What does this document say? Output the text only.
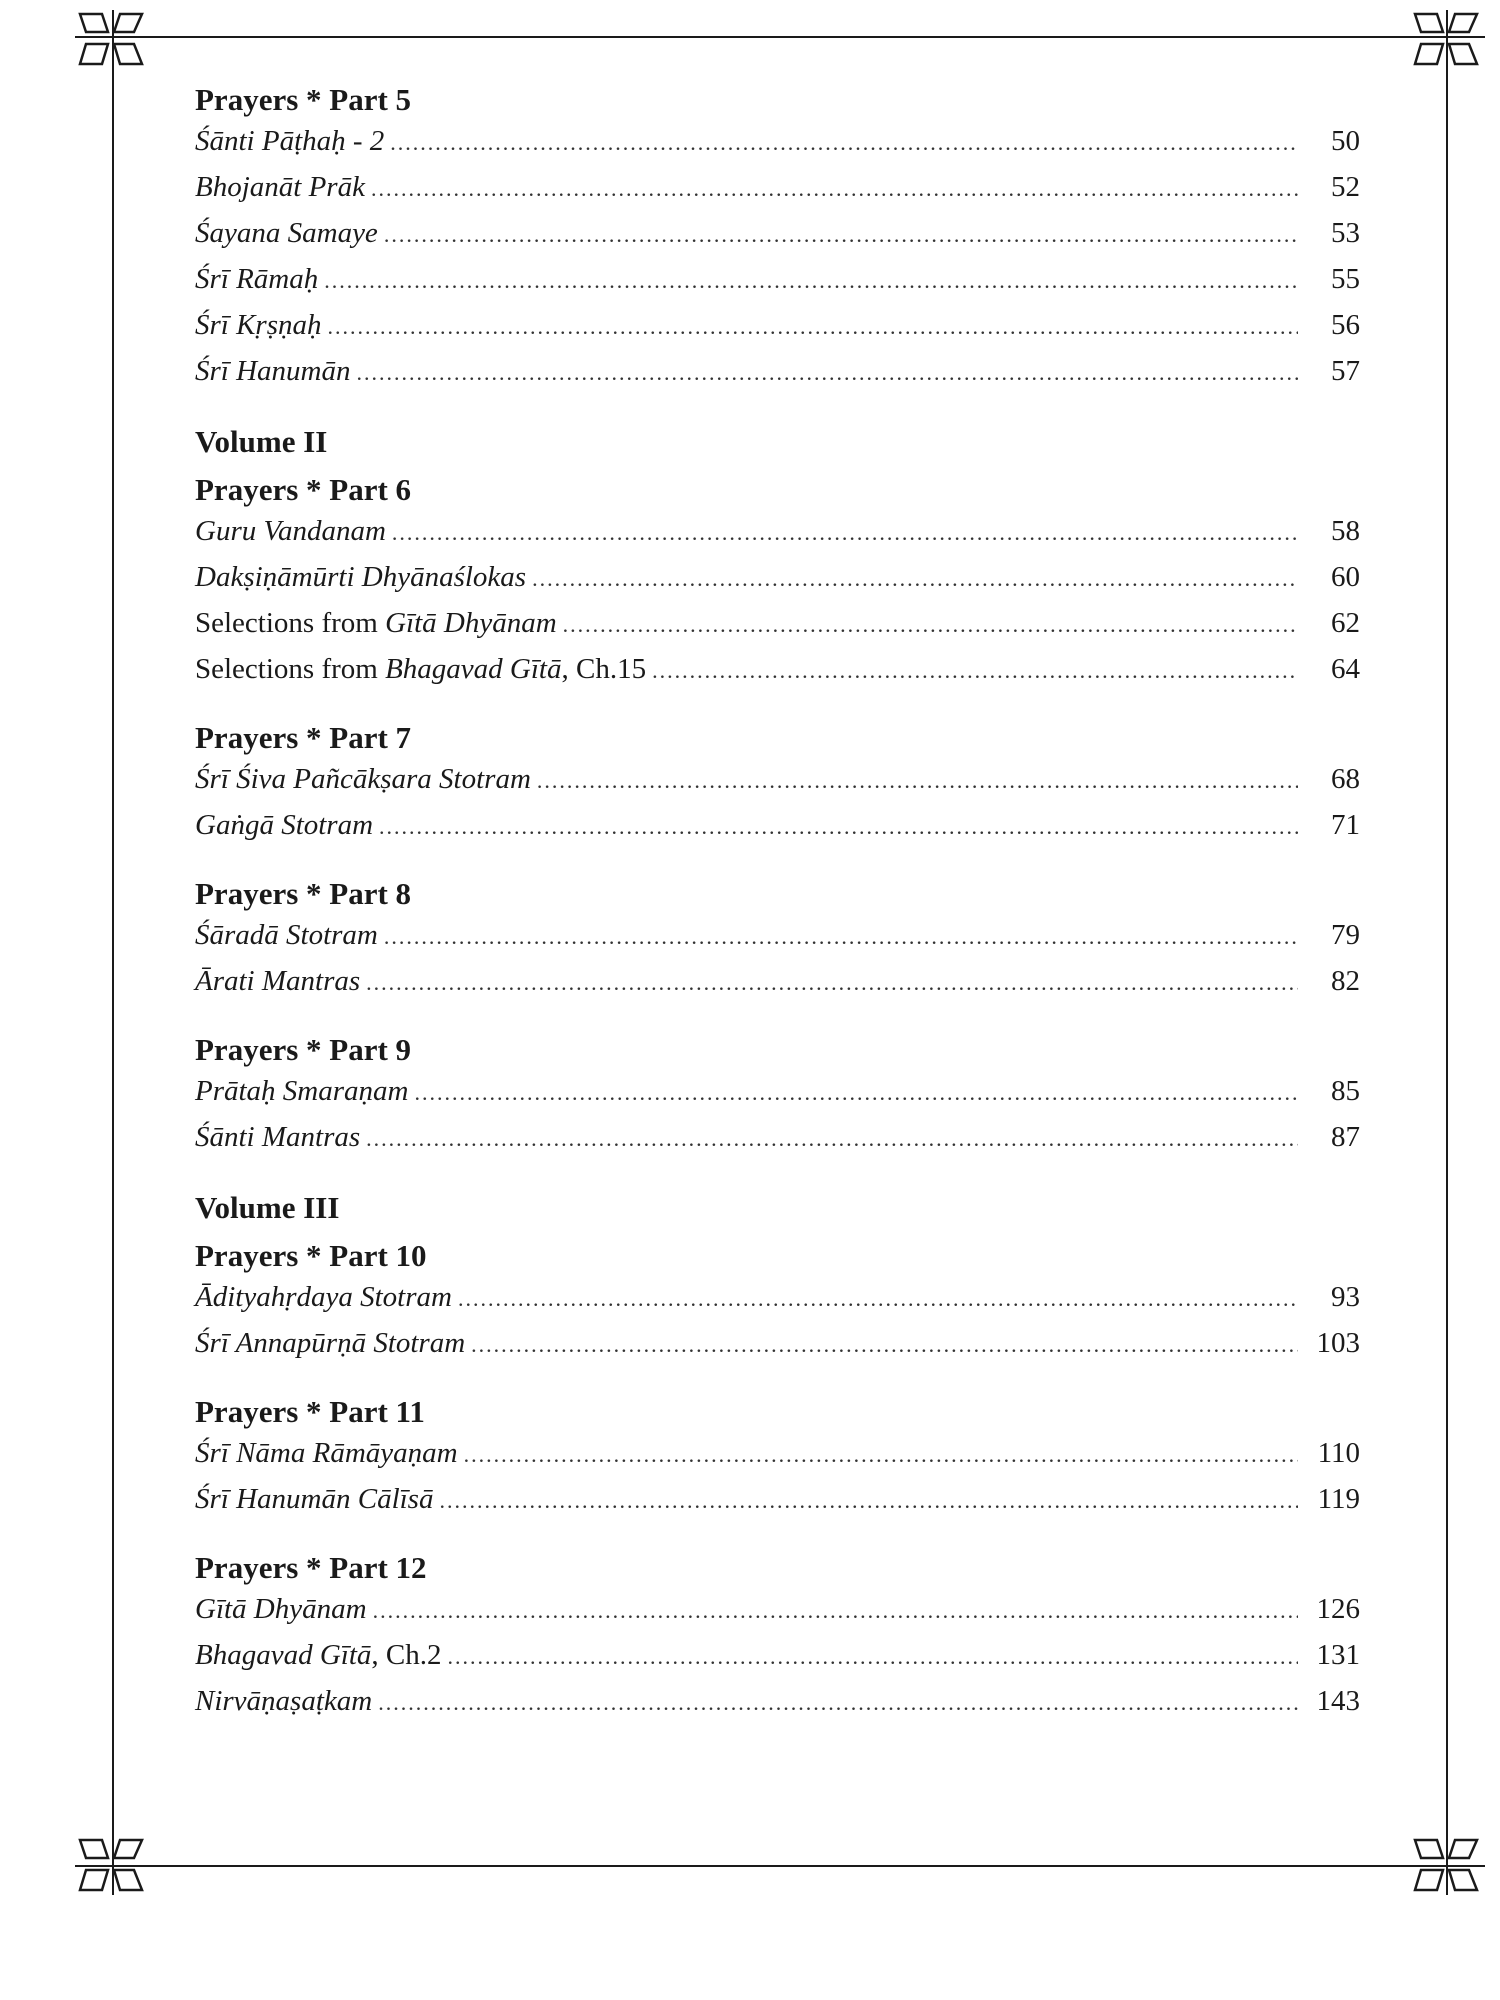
Prayers * Part 5
Śānti Pāṭhaḥ - 2 .....	50
Bhojanāt Prāk .....	52
Śayana Samaye .....	53
Śrī Rāmaḥ .....	55
Śrī Kṛṣṇaḥ .....	56
Śrī Hanumān .....	57
Volume II
Prayers * Part 6
Guru Vandanam .....	58
Dakṣiṇāmūrti Dhyānaślokas .....	60
Selections from Gītā Dhyānam .....	62
Selections from Bhagavad Gītā, Ch.15 .....	64
Prayers * Part 7
Śrī Śiva Pañcākṣara Stotram .....	68
Gaṅgā Stotram .....	71
Prayers * Part 8
Śāradā Stotram .....	79
Ārati Mantras .....	82
Prayers * Part 9
Prātaḥ Smaraṇam .....	85
Śānti Mantras .....	87
Volume III
Prayers * Part 10
Ādityahṛdaya Stotram .....	93
Śrī Annapūrṇā Stotram .....	103
Prayers * Part 11
Śrī Nāma Rāmāyaṇam .....	110
Śrī Hanumān Cālīsā .....	119
Prayers * Part 12
Gītā Dhyānam .....	126
Bhagavad Gītā, Ch.2 .....	131
Nirvāṇaṣaṭkam .....	143
